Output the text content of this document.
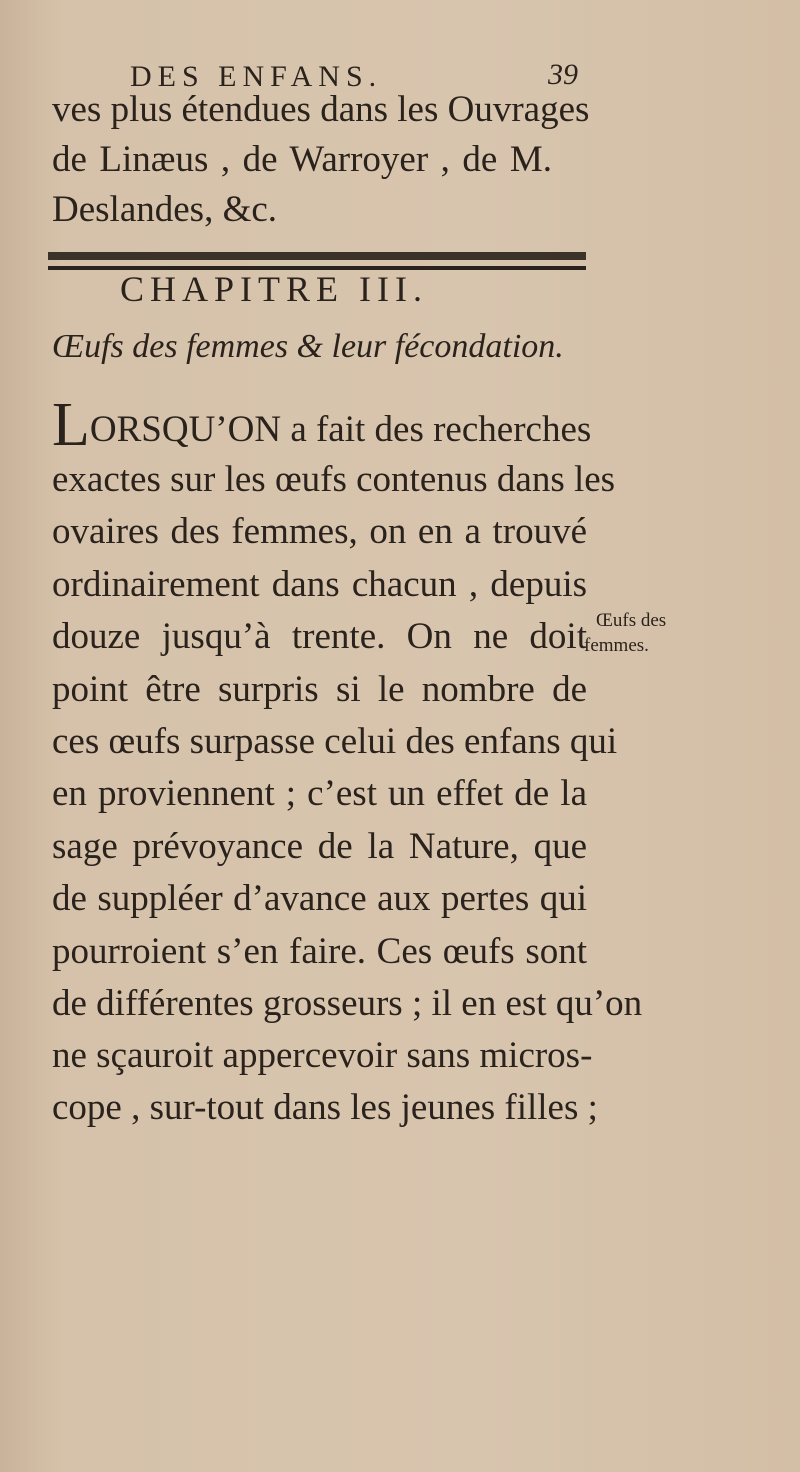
DES ENFANS.	39
ves plus étendues dans les Ouvrages
de Linæus , de Warroyer , de M.
Deslandes, &c.
CHAPITRE III.
Œufs des femmes & leur fécondation.
LORSQU’ON a fait des recherches
exactes sur les œufs contenus dans les
ovaires des femmes, on en a trouvé
ordinairement dans chacun , depuis
douze jusqu’à trente. On ne doit
point être surpris si le nombre de
ces œufs surpasse celui des enfans qui
en proviennent ; c’est un effet de la
sage prévoyance de la Nature, que
de suppléer d’avance aux pertes qui
pourroient s’en faire. Ces œufs sont
de différentes grosseurs ; il en est qu’on
ne sçauroit appercevoir sans micros-
cope , sur-tout dans les jeunes filles ;
Œufs des
femmes.
